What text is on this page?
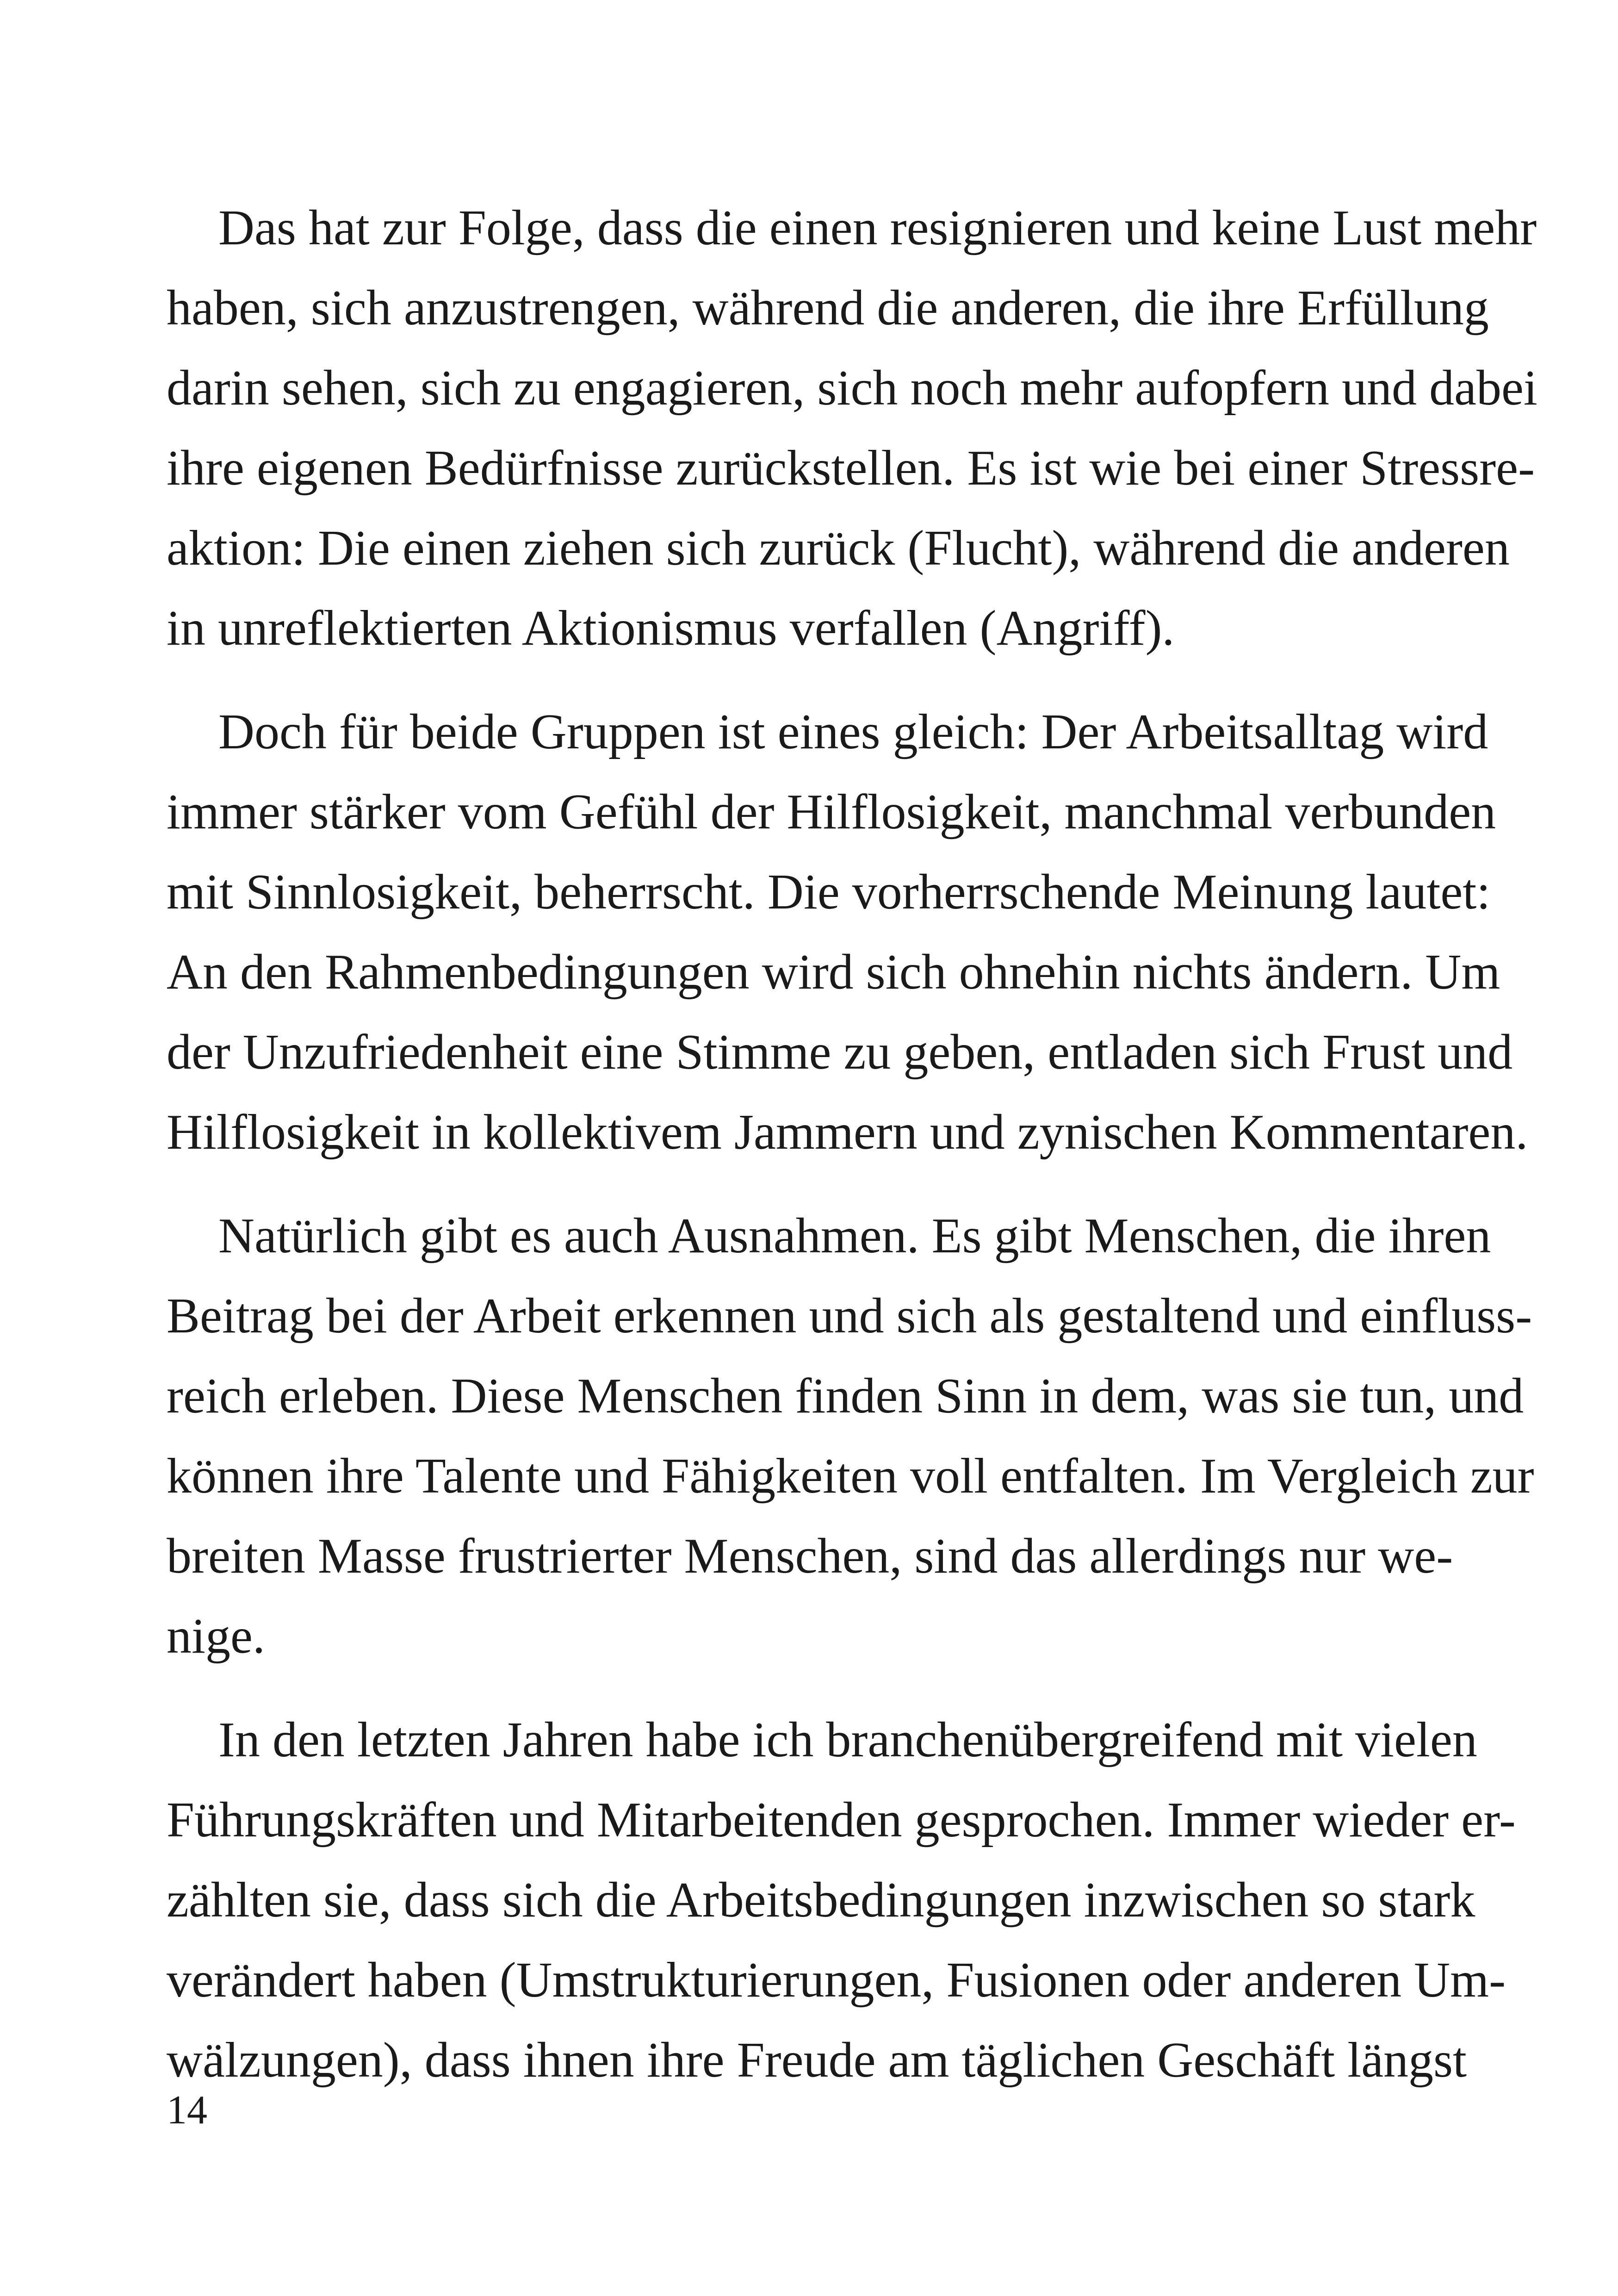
Das hat zur Folge, dass die einen resignieren und keine Lust mehr
haben, sich anzustrengen, während die anderen, die ihre Erfüllung
darin sehen, sich zu engagieren, sich noch mehr aufopfern und dabei
ihre eigenen Bedürfnisse zurückstellen. Es ist wie bei einer Stressre-
aktion: Die einen ziehen sich zurück (Flucht), während die anderen
in unreflektierten Aktionismus verfallen (Angriff).
Doch für beide Gruppen ist eines gleich: Der Arbeitsalltag wird
immer stärker vom Gefühl der Hilflosigkeit, manchmal verbunden
mit Sinnlosigkeit, beherrscht. Die vorherrschende Meinung lautet:
An den Rahmenbedingungen wird sich ohnehin nichts ändern. Um
der Unzufriedenheit eine Stimme zu geben, entladen sich Frust und
Hilflosigkeit in kollektivem Jammern und zynischen Kommentaren.
Natürlich gibt es auch Ausnahmen. Es gibt Menschen, die ihren
Beitrag bei der Arbeit erkennen und sich als gestaltend und einfluss-
reich erleben. Diese Menschen finden Sinn in dem, was sie tun, und
können ihre Talente und Fähigkeiten voll entfalten. Im Vergleich zur
breiten Masse frustrierter Menschen, sind das allerdings nur we-
nige.
In den letzten Jahren habe ich branchenübergreifend mit vielen
Führungskräften und Mitarbeitenden gesprochen. Immer wieder er-
zählten sie, dass sich die Arbeitsbedingungen inzwischen so stark
verändert haben (Umstrukturierungen, Fusionen oder anderen Um-
wälzungen), dass ihnen ihre Freude am täglichen Geschäft längst
14
